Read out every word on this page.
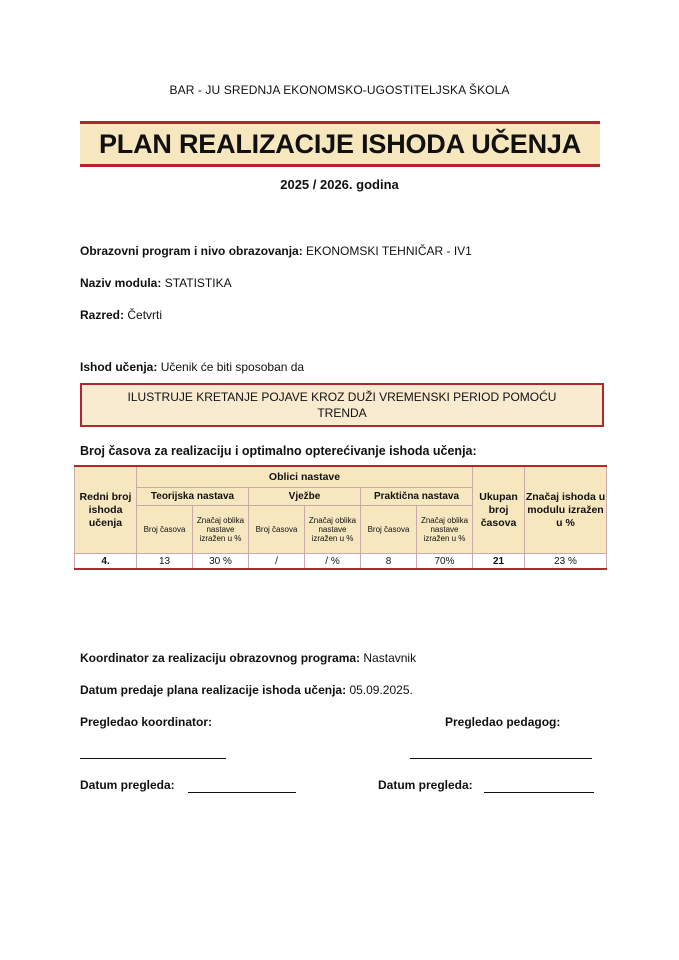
BAR - JU SREDNJA EKONOMSKO-UGOSTITELJSKA ŠKOLA
PLAN REALIZACIJE ISHODA UČENJA
2025 / 2026. godina
Obrazovni program i nivo obrazovanja: EKONOMSKI TEHNIČAR - IV1
Naziv modula: STATISTIKA
Razred: Četvrti
Ishod učenja: Učenik će biti sposoban da
ILUSTRUJE KRETANJE POJAVE KROZ DUŽI VREMENSKI PERIOD POMOĆU TRENDA
Broj časova za realizaciju i optimalno opterećivanje ishoda učenja:
Redni broj ishoda učenja	Oblici nastave						Ukupan broj časova	Značaj ishoda u modulu izražen u %
	Teorijska nastava		Vježbe		Praktična nastava			
	Broj časova	Značaj oblika nastave izražen u %	Broj časova	Značaj oblika nastave izražen u %	Broj časova	Značaj oblika nastave izražen u %		
4.	13	30 %	/	/ %	8	70%	21	23 %
Koordinator za realizaciju obrazovnog programa: Nastavnik
Datum predaje plana realizacije ishoda učenja: 05.09.2025.
Pregledao koordinator:	Pregledao pedagog:
Datum pregleda:	Datum pregleda:
